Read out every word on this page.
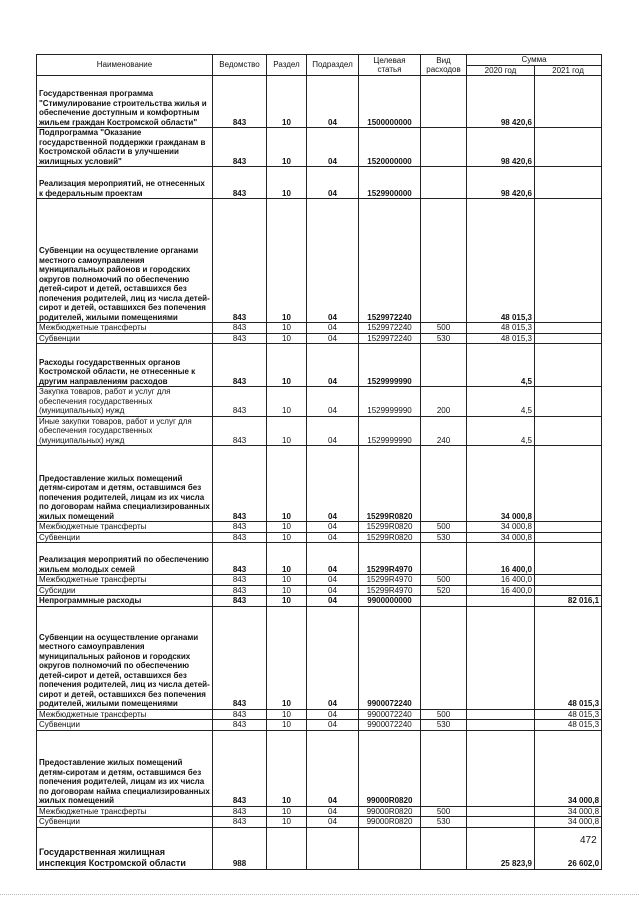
Наименование	Ведомство	Раздел	Подраздел	Целевая статья	Вид расходов	Сумма	
						2020 год	2021 год
Государственная программа "Стимулирование строительства жилья и обеспечение доступным и комфортным жильем граждан Костромской области"	843	10	04	1500000000		98 420,6	
Подпрограмма "Оказание государственной поддержки гражданам в Костромской области в улучшении жилищных условий"	843	10	04	1520000000		98 420,6	
Реализация мероприятий, не отнесенных к федеральным проектам	843	10	04	1529900000		98 420,6	
Субвенции на осуществление органами местного самоуправления муниципальных районов и городских округов полномочий по обеспечению детей-сирот и детей, оставшихся без попечения родителей, лиц из числа детей-сирот и детей, оставшихся без попечения родителей, жилыми помещениями	843	10	04	1529972240		48 015,3	
Межбюджетные трансферты	843	10	04	1529972240	500	48 015,3	
Субвенции	843	10	04	1529972240	530	48 015,3	
Расходы государственных органов Костромской области, не отнесенные к другим направлениям расходов	843	10	04	1529999990		4,5	
Закупка товаров, работ и услуг для обеспечения государственных (муниципальных) нужд	843	10	04	1529999990	200	4,5	
Иные закупки товаров, работ и услуг для обеспечения государственных (муниципальных) нужд	843	10	04	1529999990	240	4,5	
Предоставление жилых помещений детям-сиротам и детям, оставшимся без попечения родителей, лицам из их числа по договорам найма специализированных жилых помещений	843	10	04	15299R0820		34 000,8	
Межбюджетные трансферты	843	10	04	15299R0820	500	34 000,8	
Субвенции	843	10	04	15299R0820	530	34 000,8	
Реализация мероприятий по обеспечению жильем молодых семей	843	10	04	15299R4970		16 400,0	
Межбюджетные трансферты	843	10	04	15299R4970	500	16 400,0	
Субсидии	843	10	04	15299R4970	520	16 400,0	
Непрограммные расходы	843	10	04	9900000000			82 016,1
Субвенции на осуществление органами местного самоуправления муниципальных районов и городских округов полномочий по обеспечению детей-сирот и детей, оставшихся без попечения родителей, лиц из числа детей-сирот и детей, оставшихся без попечения родителей, жилыми помещениями	843	10	04	9900072240			48 015,3
Межбюджетные трансферты	843	10	04	9900072240	500		48 015,3
Субвенции	843	10	04	9900072240	530		48 015,3
Предоставление жилых помещений детям-сиротам и детям, оставшимся без попечения родителей, лицам из их числа по договорам найма специализированных жилых помещений	843	10	04	99000R0820			34 000,8
Межбюджетные трансферты	843	10	04	99000R0820	500		34 000,8
Субвенции	843	10	04	99000R0820	530		34 000,8
Государственная жилищная инспекция Костромской области	988					25 823,9	26 602,0
472
